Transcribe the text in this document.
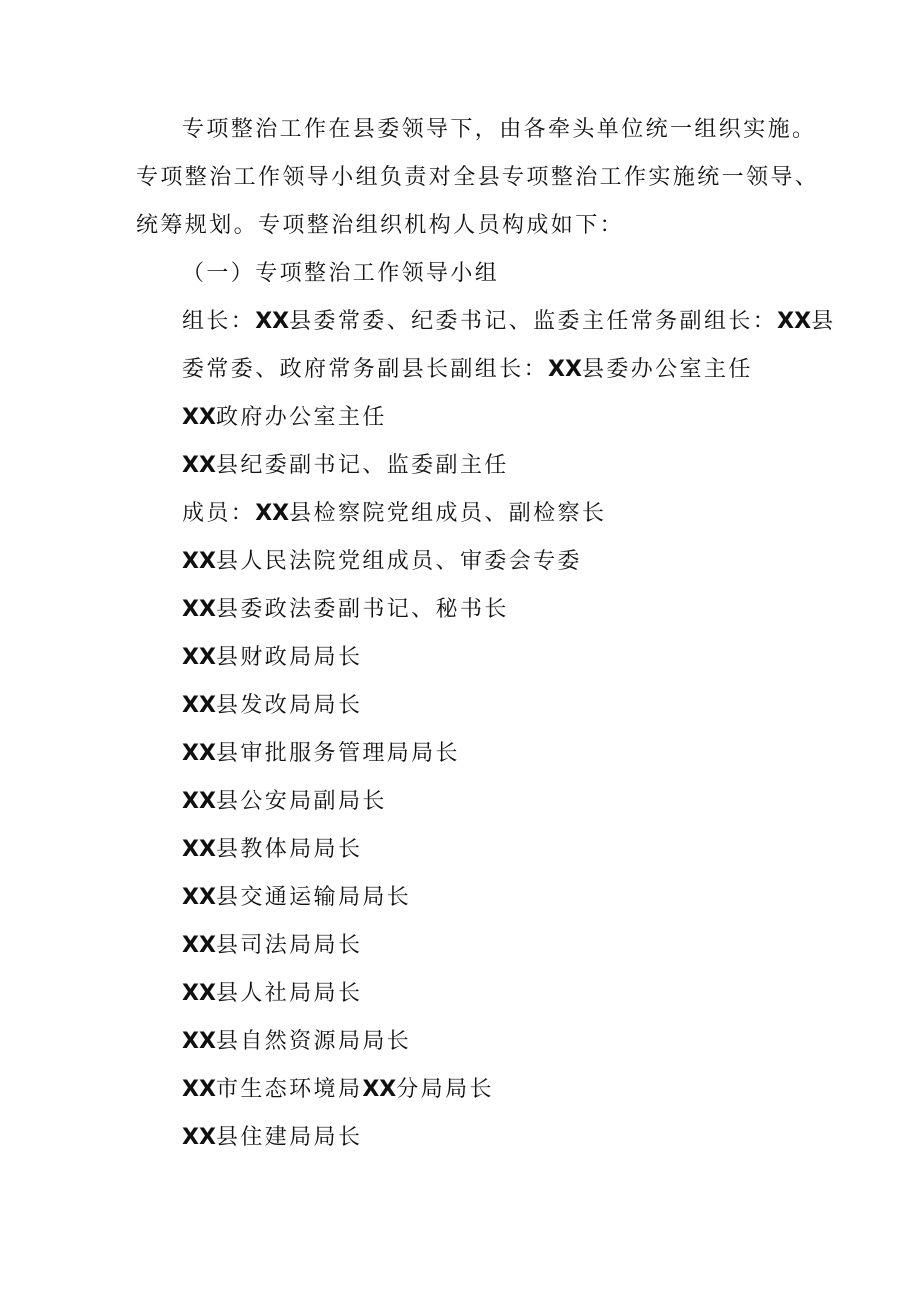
专项整治工作在县委领导下，由各牵头单位统一组织实施。
专项整治工作领导小组负责对全县专项整治工作实施统一领导、
统筹规划。专项整治组织机构人员构成如下：
（一）专项整治工作领导小组
组长：XX县委常委、纪委书记、监委主任常务副组长：XX县
委常委、政府常务副县长副组长：XX县委办公室主任
XX政府办公室主任
XX县纪委副书记、监委副主任
成员：XX县检察院党组成员、副检察长
XX县人民法院党组成员、审委会专委
XX县委政法委副书记、秘书长
XX县财政局局长
XX县发改局局长
XX县审批服务管理局局长
XX县公安局副局长
XX县教体局局长
XX县交通运输局局长
XX县司法局局长
XX县人社局局长
XX县自然资源局局长
XX市生态环境局XX分局局长
XX县住建局局长
